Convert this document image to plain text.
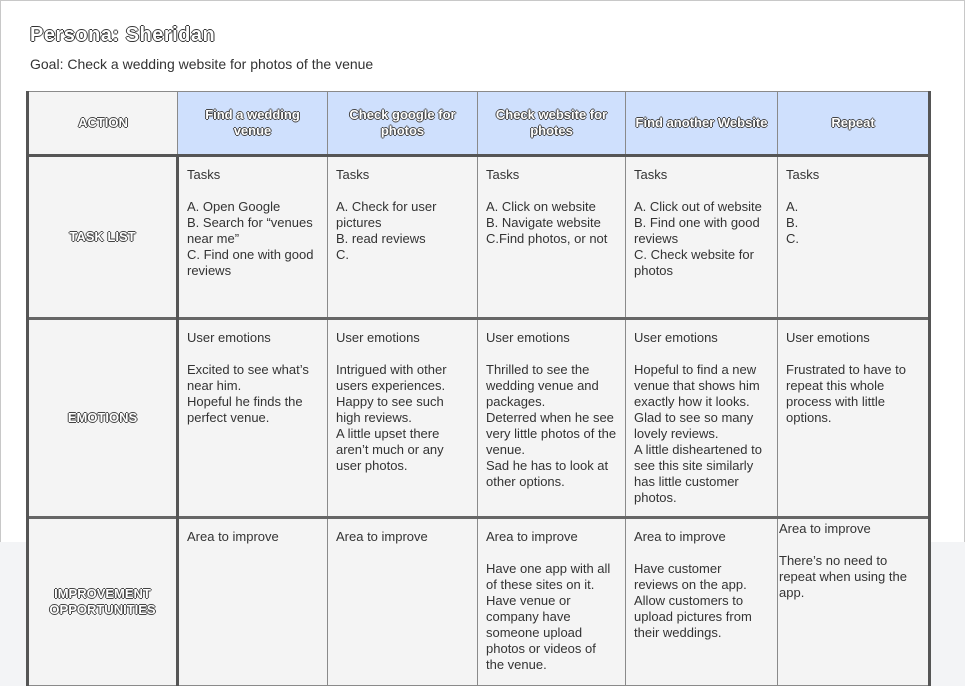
Persona: Sheridan
Goal: Check a wedding website for photos of the venue
ACTION	Find a wedding venue	Check google for photos	Check website for photes	Find another Website	Repeat
TASK LIST	Tasks
A. Open Google
B. Search for “venues near me”
C. Find one with good reviews	Tasks
A. Check for user pictures
B. read reviews
C.	Tasks
A. Click on website
B. Navigate website
C.Find photos, or not	Tasks
A. Click out of website
B. Find one with good reviews
C. Check website for photos	Tasks
A.
B.
C.

EMOTIONS	User emotions
Excited to see what’s near him.
Hopeful he finds the perfect venue.	User emotions
Intrigued with other users experiences.
Happy to see such high reviews.
A little upset there aren’t much or any user photos.	User emotions
Thrilled to see the wedding venue and packages.
Deterred when he see very little photos of the venue.
Sad he has to look at other options.	User emotions
Hopeful to find a new venue that shows him exactly how it looks.
Glad to see so many lovely reviews.
A little disheartened to see this site similarly has little customer photos.	User emotions
Frustrated to have to repeat this whole process with little options.

IMPROVEMENT OPPORTUNITIES	Area to improve	Area to improve	Area to improve
Have one app with all of these sites on it.
Have venue or company have someone upload photos or videos of the venue.	Area to improve
Have customer reviews on the app.
Allow customers to upload pictures from their weddings.	Area to improve
There’s no need to repeat when using the app.
